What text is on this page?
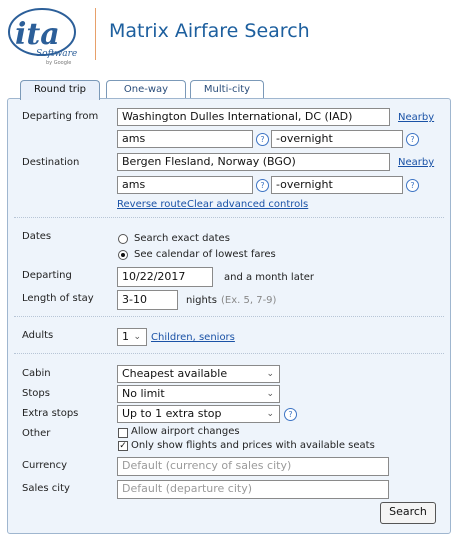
ita
Software
by Google
Matrix Airfare Search
Round trip	One-way	Multi-city
Departing from	Washington Dulles International, DC (IAD)	Nearby
ams	?	-overnight	?
Destination	Bergen Flesland, Norway (BGO)	Nearby
ams	?	-overnight	?
Reverse route Clear advanced controls
Dates	Search exact dates
See calendar of lowest fares
Departing	10/22/2017	and a month later
Length of stay	3-10	nights (Ex. 5, 7-9)
Adults	1 ⌄ Children, seniors
Cabin	Cheapest available	⌄
Stops	No limit	⌄
Extra stops	Up to 1 extra stop	⌄	?
Other	Allow airport changes
✓ Only show flights and prices with available seats
Currency	Default (currency of sales city)
Sales city	Default (departure city)
Search
